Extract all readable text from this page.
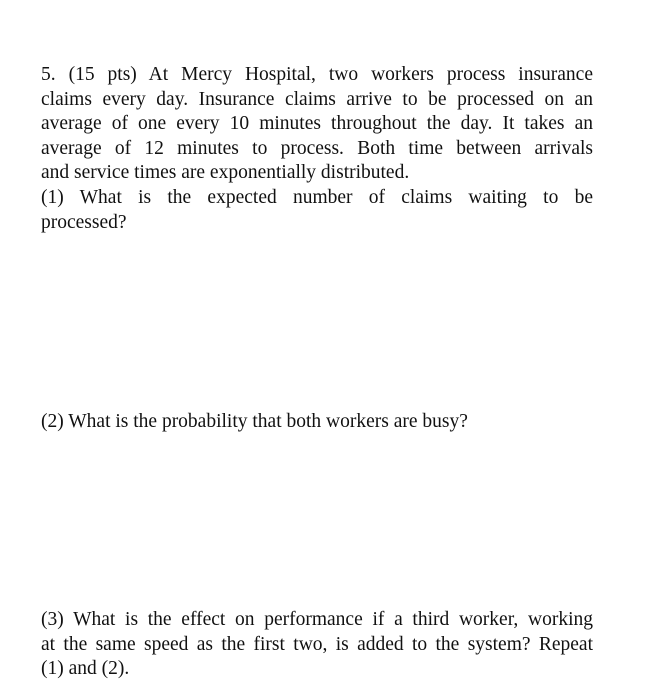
5. (15 pts) At Mercy Hospital, two workers process insurance
claims every day. Insurance claims arrive to be processed on an
average of one every 10 minutes throughout the day. It takes an
average of 12 minutes to process. Both time between arrivals
and service times are exponentially distributed.
(1) What is the expected number of claims waiting to be
processed?
(2) What is the probability that both workers are busy?
(3) What is the effect on performance if a third worker, working
at the same speed as the first two, is added to the system? Repeat
(1) and (2).
